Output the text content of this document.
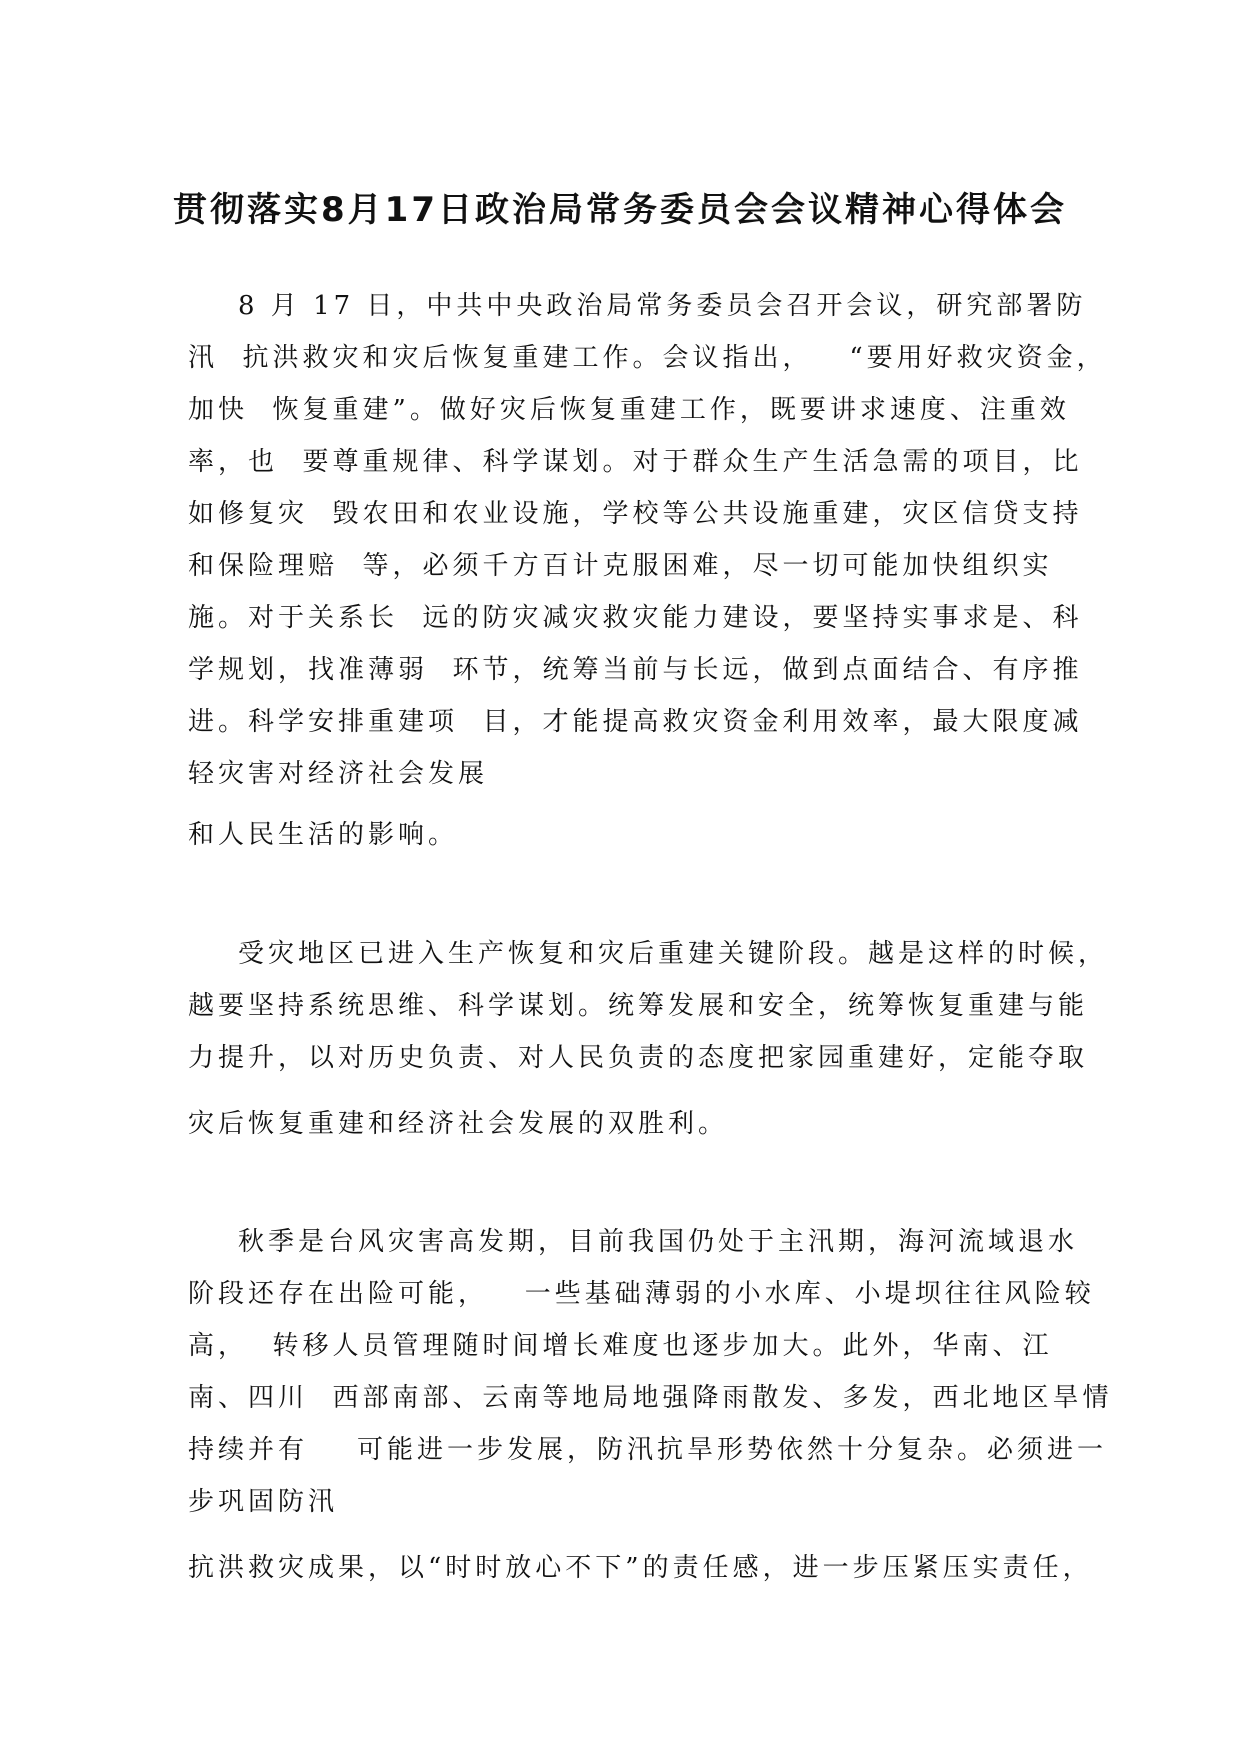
贯彻落实8月17日政治局常务委员会会议精神心得体会
8 月 17 日，中共中央政治局常务委员会召开会议，研究部署防
汛  抗洪救灾和灾后恢复重建工作。会议指出，   “要用好救灾资金，
加快  恢复重建”。做好灾后恢复重建工作，既要讲求速度、注重效
率，也  要尊重规律、科学谋划。对于群众生产生活急需的项目，比
如修复灾  毁农田和农业设施，学校等公共设施重建，灾区信贷支持
和保险理赔  等，必须千方百计克服困难，尽一切可能加快组织实
施。对于关系长  远的防灾减灾救灾能力建设，要坚持实事求是、科
学规划，找准薄弱  环节，统筹当前与长远，做到点面结合、有序推
进。科学安排重建项  目，才能提高救灾资金利用效率，最大限度减
轻灾害对经济社会发展
和人民生活的影响。
受灾地区已进入生产恢复和灾后重建关键阶段。越是这样的时候，
越要坚持系统思维、科学谋划。统筹发展和安全，统筹恢复重建与能
力提升，以对历史负责、对人民负责的态度把家园重建好，定能夺取
灾后恢复重建和经济社会发展的双胜利。
秋季是台风灾害高发期，目前我国仍处于主汛期，海河流域退水
阶段还存在出险可能，   一些基础薄弱的小水库、小堤坝往往风险较
高，  转移人员管理随时间增长难度也逐步加大。此外，华南、江
南、四川  西部南部、云南等地局地强降雨散发、多发，西北地区旱情
持续并有    可能进一步发展，防汛抗旱形势依然十分复杂。必须进一
步巩固防汛
抗洪救灾成果，以“时时放心不下”的责任感，进一步压紧压实责任，
